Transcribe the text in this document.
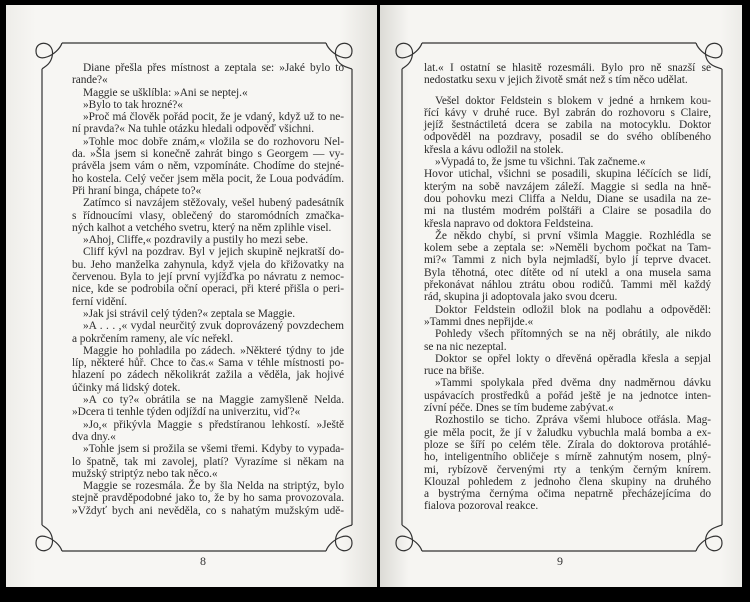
Diane přešla přes místnost a zeptala se: »Jaké bylo to
rande?«
Maggie se ušklíbla: »Ani se neptej.«
»Bylo to tak hrozné?«
»Proč má člověk pořád pocit, že je vdaný, když už to ne-
ní pravda?« Na tuhle otázku hledali odpověď všichni.
»Tohle moc dobře znám,« vložila se do rozhovoru Nel-
da. »Šla jsem si konečně zahrát bingo s Georgem — vy-
právěla jsem vám o něm, vzpomínáte. Chodíme do stejné-
ho kostela. Celý večer jsem měla pocit, že Loua podvádím.
Při hraní binga, chápete to?«
Zatímco si navzájem stěžovaly, vešel hubený padesátník
s řídnoucími vlasy, oblečený do staromódních zmačka-
ných kalhot a vetchého svetru, který na něm zplihle visel.
»Ahoj, Cliffe,« pozdravily a pustily ho mezi sebe.
Cliff kývl na pozdrav. Byl v jejich skupině nejkratší do-
bu. Jeho manželka zahynula, když vjela do křižovatky na
červenou. Byla to její první vyjížďka po návratu z nemoc-
nice, kde se podrobila oční operaci, při které přišla o peri-
ferní vidění.
»Jak jsi strávil celý týden?« zeptala se Maggie.
»A . . . ,« vydal neurčitý zvuk doprovázený povzdechem
a pokrčením rameny, ale víc neřekl.
Maggie ho pohladila po zádech. »Některé týdny to jde
líp, některé hůř. Chce to čas.« Sama v téhle místnosti po-
hlazení po zádech několikrát zažila a věděla, jak hojivé
účinky má lidský dotek.
»A co ty?« obrátila se na Maggie zamyšleně Nelda.
»Dcera ti tenhle týden odjíždí na univerzitu, viď?«
»Jo,« přikývla Maggie s předstíranou lehkostí. »Ještě
dva dny.«
»Tohle jsem si prožila se všemi třemi. Kdyby to vypada-
lo špatně, tak mi zavolej, platí? Vyrazíme si někam na
mužský striptýz nebo tak něco.«
Maggie se rozesmála. Že by šla Nelda na striptýz, bylo
stejně pravděpodobné jako to, že by ho sama provozovala.
»Vždyť bych ani nevěděla, co s nahatým mužským udě-
8
lat.« I ostatní se hlasitě rozesmáli. Bylo pro ně snazší se
nedostatku sexu v jejich životě smát než s tím něco udělat.
Vešel doktor Feldstein s blokem v jedné a hrnkem kou-
řící kávy v druhé ruce. Byl zabrán do rozhovoru s Claire,
jejíž šestnáctiletá dcera se zabila na motocyklu. Doktor
odpověděl na pozdravy, posadil se do svého oblíbeného
křesla a kávu odložil na stolek.
»Vypadá to, že jsme tu všichni. Tak začneme.«
Hovor utichal, všichni se posadili, skupina léčících se lidí,
kterým na sobě navzájem záleží. Maggie si sedla na hně-
dou pohovku mezi Cliffa a Neldu, Diane se usadila na ze-
mi na tlustém modrém polštáři a Claire se posadila do
křesla napravo od doktora Feldsteina.
Že někdo chybí, si první všimla Maggie. Rozhlédla se
kolem sebe a zeptala se: »Neměli bychom počkat na Tam-
mi?« Tammi z nich byla nejmladší, bylo jí teprve dvacet.
Byla těhotná, otec dítěte od ní utekl a ona musela sama
překonávat náhlou ztrátu obou rodičů. Tammi měl každý
rád, skupina ji adoptovala jako svou dceru.
Doktor Feldstein odložil blok na podlahu a odpověděl:
»Tammi dnes nepřijde.«
Pohledy všech přítomných se na něj obrátily, ale nikdo
se na nic nezeptal.
Doktor se opřel lokty o dřevěná opěradla křesla a sepjal
ruce na břiše.
»Tammi spolykala před dvěma dny nadměrnou dávku
uspávacích prostředků a pořád ještě je na jednotce inten-
zívní péče. Dnes se tím budeme zabývat.«
Rozhostilo se ticho. Zpráva všemi hluboce otřásla. Mag-
gie měla pocit, že jí v žaludku vybuchla malá bomba a ex-
ploze se šíří po celém těle. Zírala do doktorova protáhlé-
ho, inteligentního obličeje s mírně zahnutým nosem, plný-
mi, rybízově červenými rty a tenkým černým knírem.
Klouzal pohledem z jednoho člena skupiny na druhého
a bystrýma černýma očima nepatrně přecházejícíma do
fialova pozoroval reakce.
9
